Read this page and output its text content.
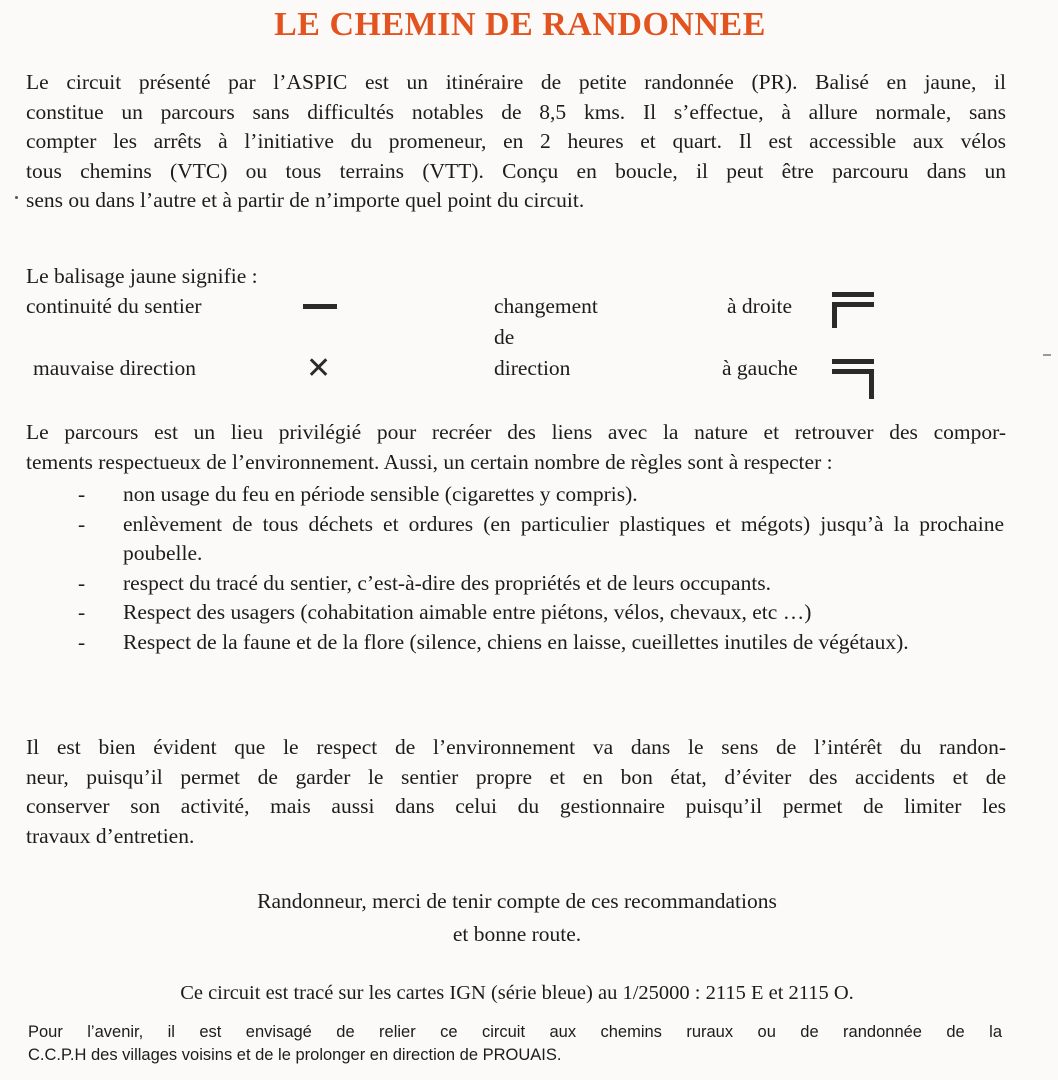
LE CHEMIN DE RANDONNEE
Le circuit présenté par l’ASPIC est un itinéraire de petite randonnée (PR). Balisé en jaune, il
constitue un parcours sans difficultés notables de 8,5 kms. Il s’effectue, à allure normale, sans
compter les arrêts à l’initiative du promeneur, en 2 heures et quart. Il est accessible aux vélos
tous chemins (VTC) ou tous terrains (VTT). Conçu en boucle, il peut être parcouru dans un
sens ou dans l’autre et à partir de n’importe quel point du circuit.
Le balisage jaune signifie :
continuité du sentier
mauvaise direction	✕
changement
de
direction
à droite
à gauche
Le parcours est un lieu privilégié pour recréer des liens avec la nature et retrouver des compor-
tements respectueux de l’environnement. Aussi, un certain nombre de règles sont à respecter :
- non usage du feu en période sensible (cigarettes y compris).
- enlèvement de tous déchets et ordures (en particulier plastiques et mégots) jusqu’à la prochaine poubelle.
- respect du tracé du sentier, c’est-à-dire des propriétés et de leurs occupants.
- Respect des usagers (cohabitation aimable entre piétons, vélos, chevaux, etc …)
- Respect de la faune et de la flore (silence, chiens en laisse, cueillettes inutiles de végétaux).
Il est bien évident que le respect de l’environnement va dans le sens de l’intérêt du randon-
neur, puisqu’il permet de garder le sentier propre et en bon état, d’éviter des accidents et de
conserver son activité, mais aussi dans celui du gestionnaire puisqu’il permet de limiter les
travaux d’entretien.
Randonneur, merci de tenir compte de ces recommandations
et bonne route.
Ce circuit est tracé sur les cartes IGN (série bleue) au 1/25000 : 2115 E et 2115 O.
Pour l’avenir, il est envisagé de relier ce circuit aux chemins ruraux ou de randonnée de la
C.C.P.H des villages voisins et de le prolonger en direction de PROUAIS.
